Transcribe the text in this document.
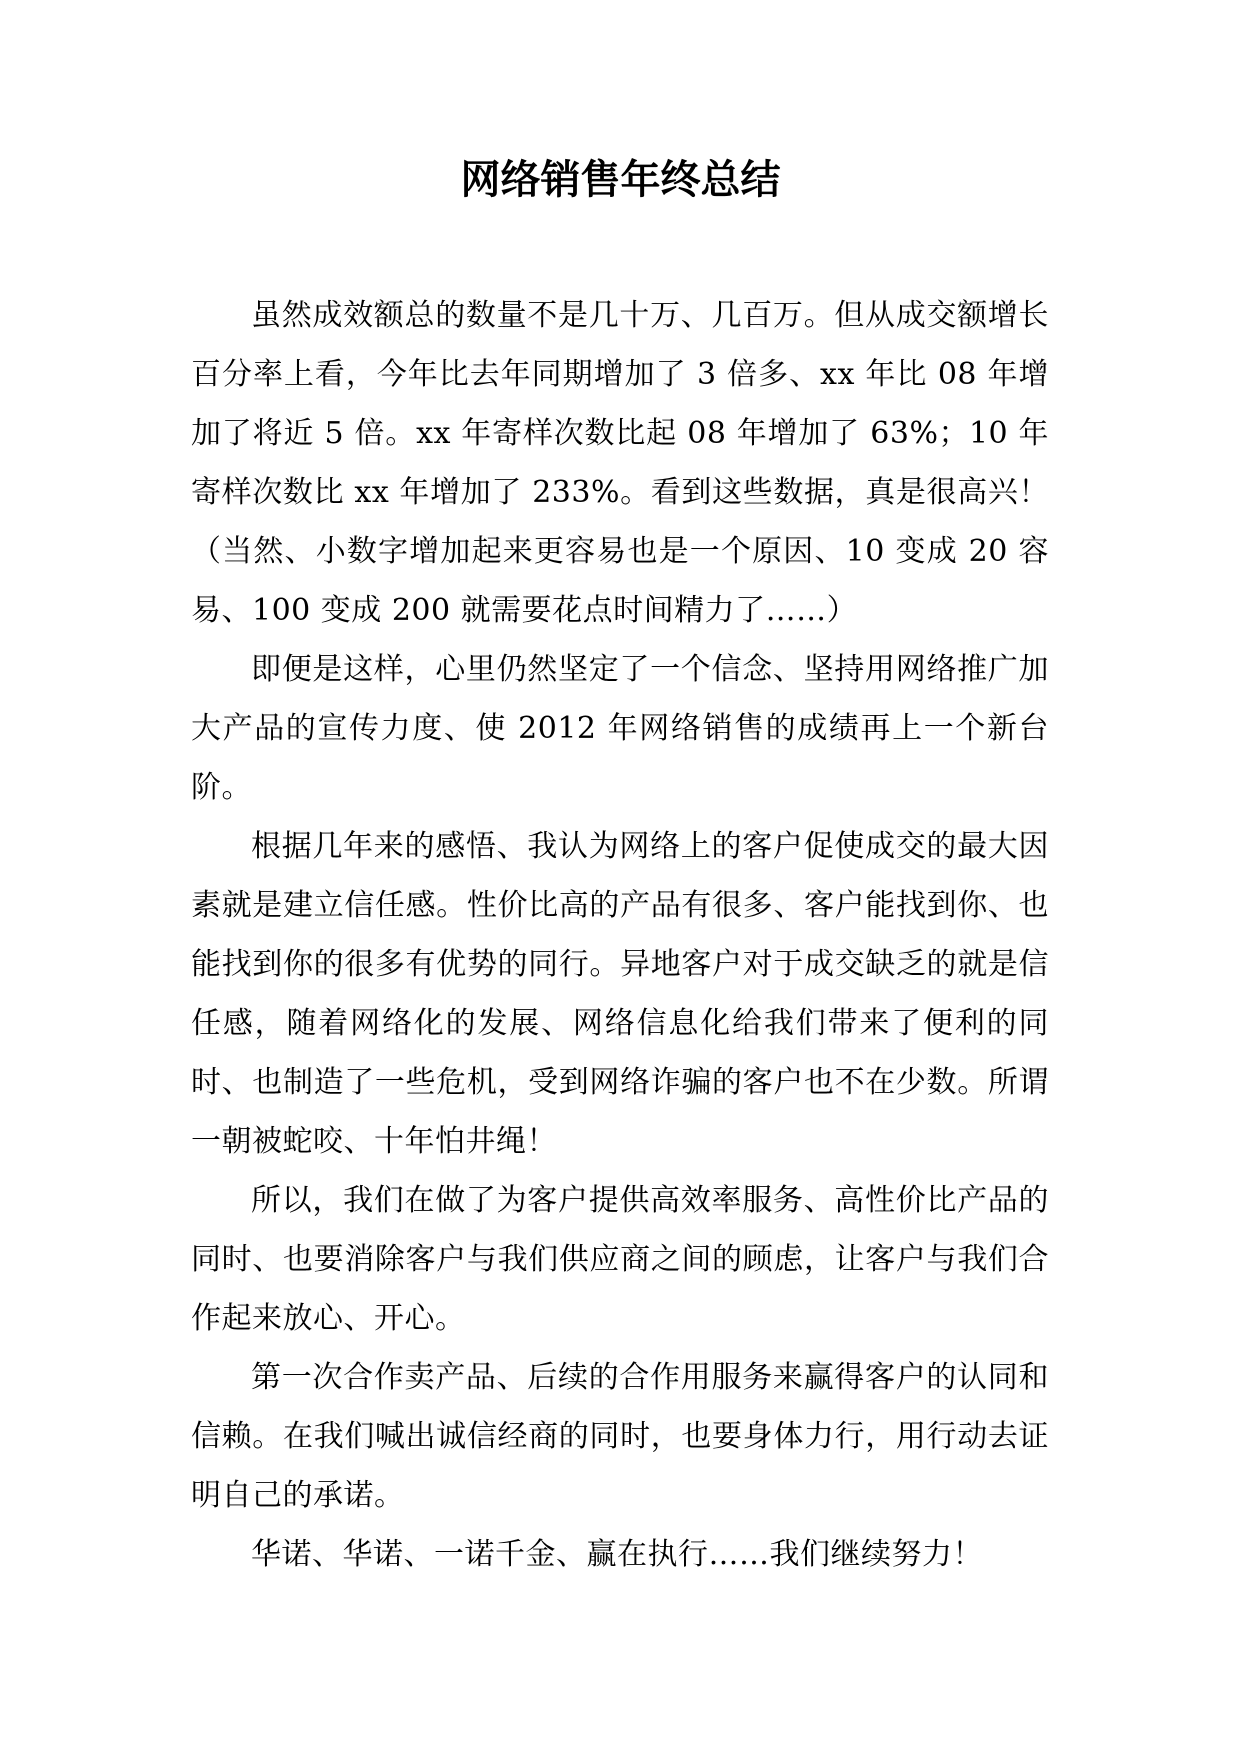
网络销售年终总结

虽然成效额总的数量不是几十万、几百万。但从成交额增长百分率上看，今年比去年同期增加了 3 倍多、xx 年比 08 年增加了将近 5 倍。xx 年寄样次数比起 08 年增加了 63%；10 年寄样次数比 xx 年增加了 233%。看到这些数据，真是很高兴！（当然、小数字增加起来更容易也是一个原因、10 变成 20 容易、100 变成 200 就需要花点时间精力了……）

即便是这样，心里仍然坚定了一个信念、坚持用网络推广加大产品的宣传力度、使 2012 年网络销售的成绩再上一个新台阶。

根据几年来的感悟、我认为网络上的客户促使成交的最大因素就是建立信任感。性价比高的产品有很多、客户能找到你、也能找到你的很多有优势的同行。异地客户对于成交缺乏的就是信任感，随着网络化的发展、网络信息化给我们带来了便利的同时、也制造了一些危机，受到网络诈骗的客户也不在少数。所谓一朝被蛇咬、十年怕井绳！

所以，我们在做了为客户提供高效率服务、高性价比产品的同时、也要消除客户与我们供应商之间的顾虑，让客户与我们合作起来放心、开心。

第一次合作卖产品、后续的合作用服务来赢得客户的认同和信赖。在我们喊出诚信经商的同时，也要身体力行，用行动去证明自己的承诺。

华诺、华诺、一诺千金、赢在执行……我们继续努力！
